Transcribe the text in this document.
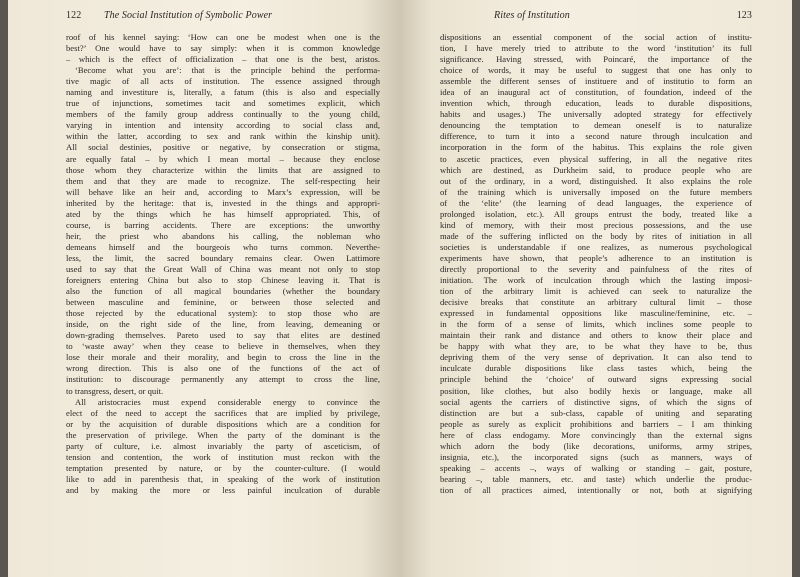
122 The Social Institution of Symbolic Power
roof of his kennel saying: ‘How can one be modest when one is the
best?’ One would have to say simply: when it is common knowledge
– which is the effect of officialization – that one is the best, aristos.
‘Become what you are’: that is the principle behind the performa-
tive magic of all acts of institution. The essence assigned through
naming and investiture is, literally, a fatum (this is also and especially
true of injunctions, sometimes tacit and sometimes explicit, which
members of the family group address continually to the young child,
varying in intention and intensity according to social class and,
within the latter, according to sex and rank within the kinship unit).
All social destinies, positive or negative, by consecration or stigma,
are equally fatal – by which I mean mortal – because they enclose
those whom they characterize within the limits that are assigned to
them and that they are made to recognize. The self-respecting heir
will behave like an heir and, according to Marx’s expression, will be
inherited by the heritage: that is, invested in the things and appropri-
ated by the things which he has himself appropriated. This, of
course, is barring accidents. There are exceptions: the unworthy
heir, the priest who abandons his calling, the nobleman who
demeans himself and the bourgeois who turns common. Neverthe-
less, the limit, the sacred boundary remains clear. Owen Lattimore
used to say that the Great Wall of China was meant not only to stop
foreigners entering China but also to stop Chinese leaving it. That is
also the function of all magical boundaries (whether the boundary
between masculine and feminine, or between those selected and
those rejected by the educational system): to stop those who are
inside, on the right side of the line, from leaving, demeaning or
down-grading themselves. Pareto used to say that elites are destined
to ‘waste away’ when they cease to believe in themselves, when they
lose their morale and their morality, and begin to cross the line in the
wrong direction. This is also one of the functions of the act of
institution: to discourage permanently any attempt to cross the line,
to transgress, desert, or quit.
All aristocracies must expend considerable energy to convince the
elect of the need to accept the sacrifices that are implied by privilege,
or by the acquisition of durable dispositions which are a condition for
the preservation of privilege. When the party of the dominant is the
party of culture, i.e. almost invariably the party of asceticism, of
tension and contention, the work of institution must reckon with the
temptation presented by nature, or by the counter-culture. (I would
like to add in parenthesis that, in speaking of the work of institution
and by making the more or less painful inculcation of durable
Rites of Institution	123
dispositions an essential component of the social action of institu-
tion, I have merely tried to attribute to the word ‘institution’ its full
significance. Having stressed, with Poincaré, the importance of the
choice of words, it may be useful to suggest that one has only to
assemble the different senses of instituere and of institutio to form an
idea of an inaugural act of constitution, of foundation, indeed of the
invention which, through education, leads to durable dispositions,
habits and usages.) The universally adopted strategy for effectively
denouncing the temptation to demean oneself is to naturalize
difference, to turn it into a second nature through inculcation and
incorporation in the form of the habitus. This explains the role given
to ascetic practices, even physical suffering, in all the negative rites
which are destined, as Durkheim said, to produce people who are
out of the ordinary, in a word, distinguished. It also explains the role
of the training which is universally imposed on the future members
of the ‘elite’ (the learning of dead languages, the experience of
prolonged isolation, etc.). All groups entrust the body, treated like a
kind of memory, with their most precious possessions, and the use
made of the suffering inflicted on the body by rites of initiation in all
societies is understandable if one realizes, as numerous psychological
experiments have shown, that people’s adherence to an institution is
directly proportional to the severity and painfulness of the rites of
initiation. The work of inculcation through which the lasting imposi-
tion of the arbitrary limit is achieved can seek to naturalize the
decisive breaks that constitute an arbitrary cultural limit – those
expressed in fundamental oppositions like masculine/feminine, etc. –
in the form of a sense of limits, which inclines some people to
maintain their rank and distance and others to know their place and
be happy with what they are, to be what they have to be, thus
depriving them of the very sense of deprivation. It can also tend to
inculcate durable dispositions like class tastes which, being the
principle behind the ‘choice’ of outward signs expressing social
position, like clothes, but also bodily hexis or language, make all
social agents the carriers of distinctive signs, of which the signs of
distinction are but a sub-class, capable of uniting and separating
people as surely as explicit prohibitions and barriers – I am thinking
here of class endogamy. More convincingly than the external signs
which adorn the body (like decorations, uniforms, army stripes,
insignia, etc.), the incorporated signs (such as manners, ways of
speaking – accents –, ways of walking or standing – gait, posture,
bearing –, table manners, etc. and taste) which underlie the produc-
tion of all practices aimed, intentionally or not, both at signifying
